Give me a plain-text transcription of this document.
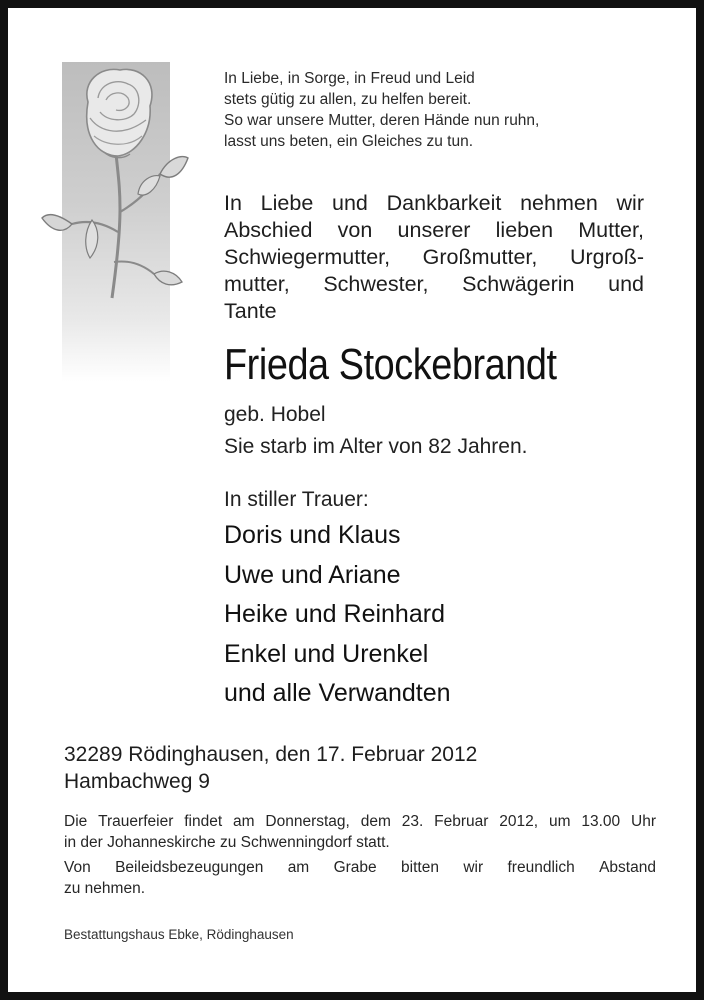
In Liebe, in Sorge, in Freud und Leid
stets gütig zu allen, zu helfen bereit.
So war unsere Mutter, deren Hände nun ruhn,
lasst uns beten, ein Gleiches zu tun.
In Liebe und Dankbarkeit nehmen wir
Abschied von unserer lieben Mutter,
Schwiegermutter, Großmutter, Urgroß-
mutter, Schwester, Schwägerin und
Tante
Frieda Stockebrandt
geb. Hobel
Sie starb im Alter von 82 Jahren.
In stiller Trauer:
Doris und Klaus
Uwe und Ariane
Heike und Reinhard
Enkel und Urenkel
und alle Verwandten
32289 Rödinghausen, den 17. Februar 2012
Hambachweg 9
Die Trauerfeier findet am Donnerstag, dem 23. Februar 2012, um 13.00 Uhr
in der Johanneskirche zu Schwenningdorf statt.
Von Beileidsbezeugungen am Grabe bitten wir freundlich Abstand
zu nehmen.
Bestattungshaus Ebke, Rödinghausen
